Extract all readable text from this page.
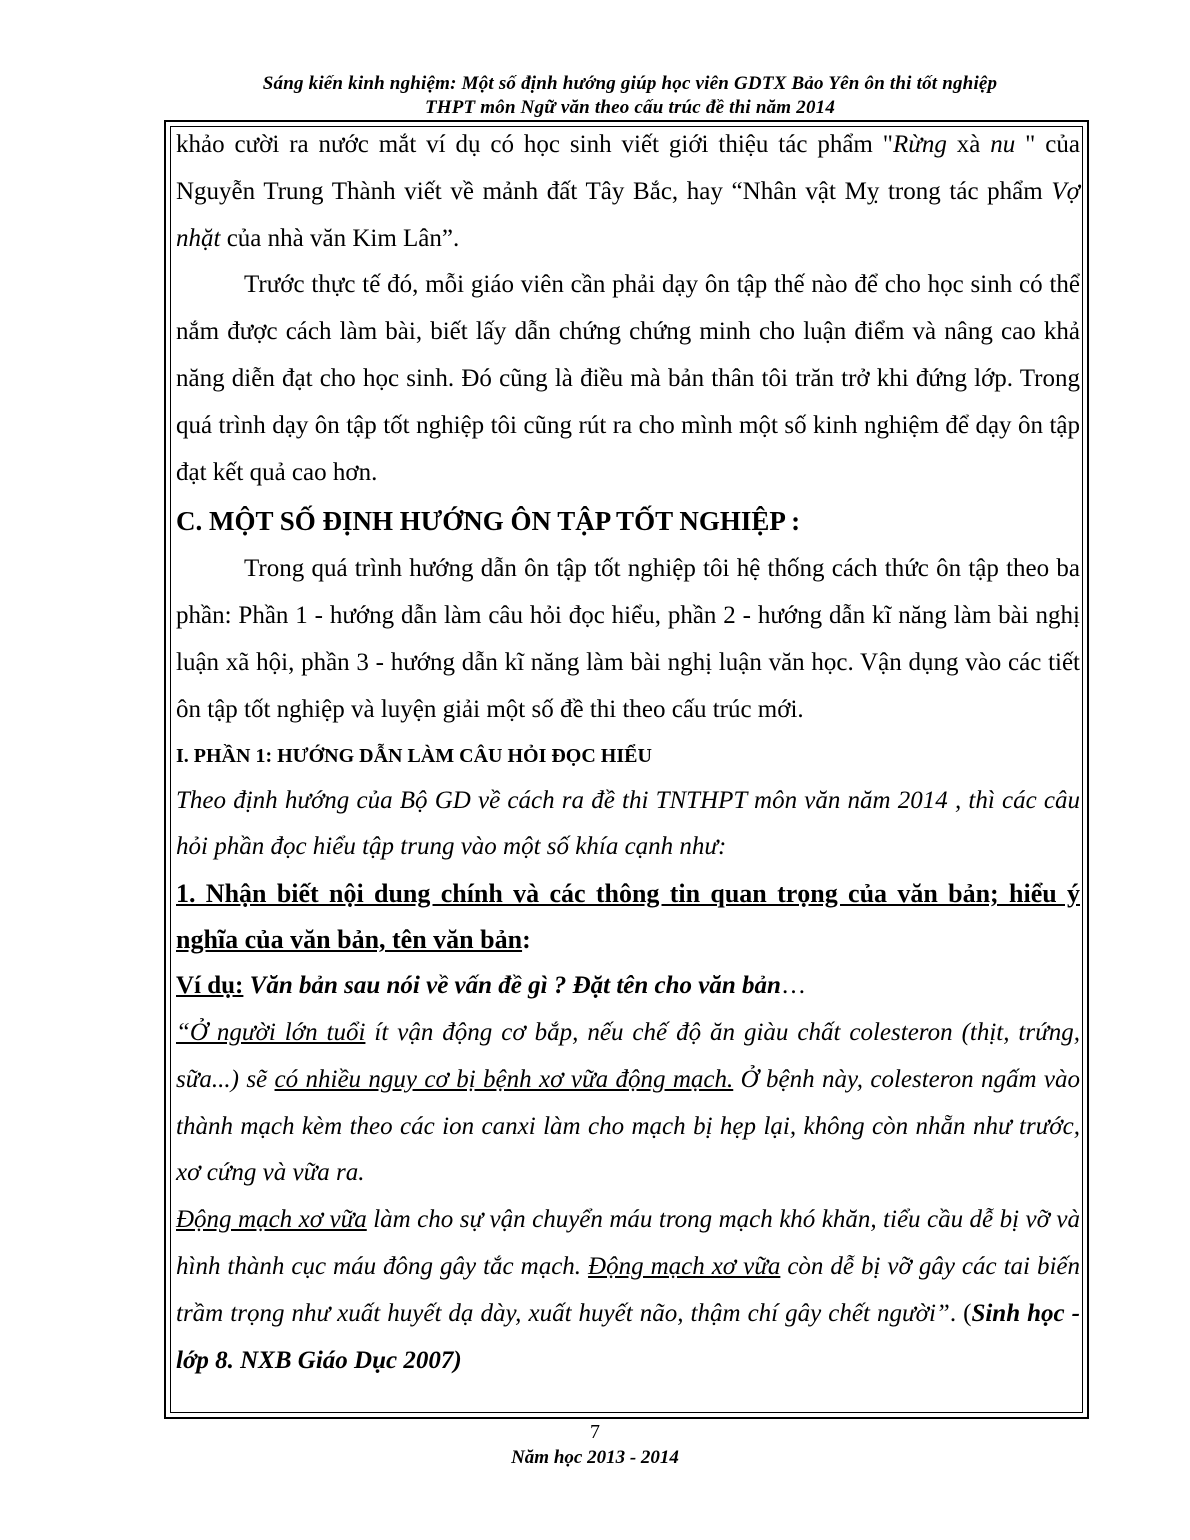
Sáng kiến kinh nghiệm: Một số định hướng giúp học viên GDTX Bảo Yên ôn thi tốt nghiệp
THPT môn Ngữ văn theo cấu trúc đề thi năm 2014

khảo cười ra nước mắt ví dụ có học sinh viết giới thiệu tác phẩm "Rừng xà nu " của Nguyễn Trung Thành viết về mảnh đất Tây Bắc, hay “Nhân vật Mỵ trong tác phẩm Vợ nhặt của nhà văn Kim Lân”.

Trước thực tế đó, mỗi giáo viên cần phải dạy ôn tập thế nào để cho học sinh có thể nắm được cách làm bài, biết lấy dẫn chứng chứng minh cho luận điểm và nâng cao khả năng diễn đạt cho học sinh. Đó cũng là điều mà bản thân tôi trăn trở khi đứng lớp. Trong quá trình dạy ôn tập tốt nghiệp tôi cũng rút ra cho mình một số kinh nghiệm để dạy ôn tập đạt kết quả cao hơn.

C. MỘT SỐ ĐỊNH HƯỚNG ÔN TẬP TỐT NGHIỆP :

Trong quá trình hướng dẫn ôn tập tốt nghiệp tôi hệ thống cách thức ôn tập theo ba phần: Phần 1 - hướng dẫn làm câu hỏi đọc hiểu, phần 2 - hướng dẫn kĩ năng làm bài nghị luận xã hội, phần 3 - hướng dẫn kĩ năng làm bài nghị luận văn học. Vận dụng vào các tiết ôn tập tốt nghiệp và luyện giải một số đề thi theo cấu trúc mới.

I. PHẦN 1: HƯỚNG DẪN LÀM CÂU HỎI ĐỌC HIỂU

Theo định hướng của Bộ GD về cách ra đề thi TNTHPT môn văn năm 2014 , thì các câu hỏi phần đọc hiểu tập trung vào một số khía cạnh như:

1. Nhận biết nội dung chính và các thông tin quan trọng của văn bản; hiểu ý nghĩa của văn bản, tên văn bản:

Ví dụ: Văn bản sau nói về vấn đề gì ? Đặt tên cho văn bản…

“Ở người lớn tuổi ít vận động cơ bắp, nếu chế độ ăn giàu chất colesteron (thịt, trứng, sữa...) sẽ có nhiều nguy cơ bị bệnh xơ vữa động mạch. Ở bệnh này, colesteron ngấm vào thành mạch kèm theo các ion canxi làm cho mạch bị hẹp lại, không còn nhẵn như trước, xơ cứng và vữa ra.

Động mạch xơ vữa làm cho sự vận chuyển máu trong mạch khó khăn, tiểu cầu dễ bị vỡ và hình thành cục máu đông gây tắc mạch. Động mạch xơ vữa còn dễ bị vỡ gây các tai biến trầm trọng như xuất huyết dạ dày, xuất huyết não, thậm chí gây chết người”. (Sinh học - lớp 8. NXB Giáo Dục 2007)

7
Năm học 2013 - 2014
